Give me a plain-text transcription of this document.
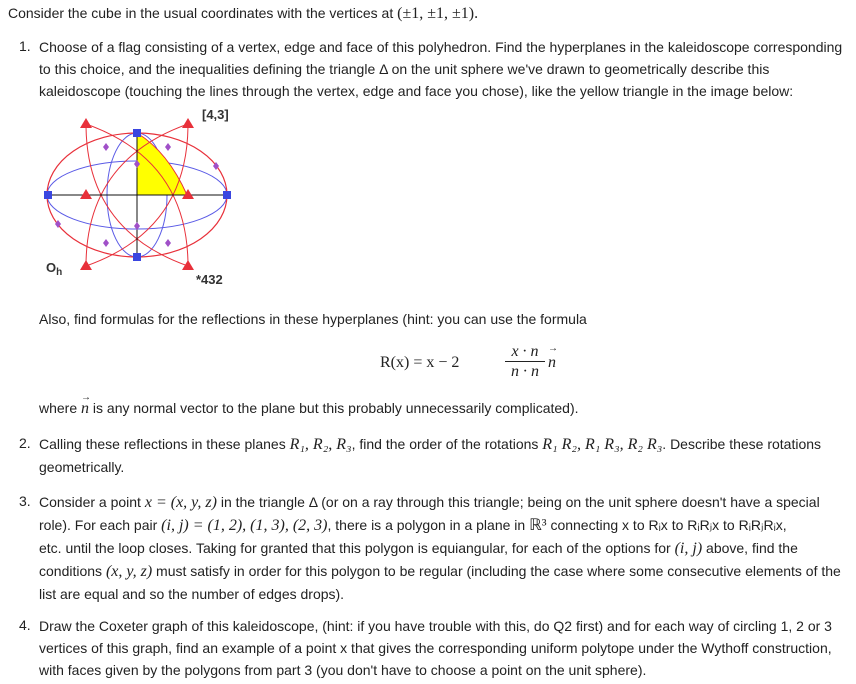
Consider the cube in the usual coordinates with the vertices at (±1, ±1, ±1).
1. Choose of a flag consisting of a vertex, edge and face of this polyhedron. Find the hyperplanes in the kaleidoscope corresponding to this choice, and the inequalities defining the triangle Δ on the unit sphere we've drawn to geometrically describe this kaleidoscope (touching the lines through the vertex, edge and face you chose), like the yellow triangle in the image below:

[4,3]
$O_h$	*432

Also, find formulas for the reflections in these hyperplanes (hint: you can use the formula

R(x) = x − 2	$\frac{x \cdot n}{n \cdot n}$
→ n

where → n is any normal vector to the plane but this probably unnecessarily complicated).

2. Calling these reflections in these planes R₁, R₂, R₃, find the order of the rotations R₁ R₂, R₁ R₃, R₂ R₃. Describe these rotations
geometrically.

3. Consider a point x = (x, y, z) in the triangle Δ (or on a ray through this triangle; being on the unit sphere doesn't have a special
role). For each pair (i, j) = (1, 2), (1, 3), (2, 3), there is a polygon in a plane in ℝ³ connecting x to Rᵢx to RᵢRⱼx to RᵢRⱼRᵢx,
etc. until the loop closes. Taking for granted that this polygon is equiangular, for each of the options for (i, j) above, find the
conditions (x, y, z) must satisfy in order for this polygon to be regular (including the case where some consecutive elements of the
list are equal and so the number of edges drops).

4. Draw the Coxeter graph of this kaleidoscope, (hint: if you have trouble with this, do Q2 first) and for each way of circling 1, 2 or 3 vertices of this graph, find an example of a point x that gives the corresponding uniform polytope under the Wythoff construction, with faces given by the polygons from part 3 (you don't have to choose a point on the unit sphere).
